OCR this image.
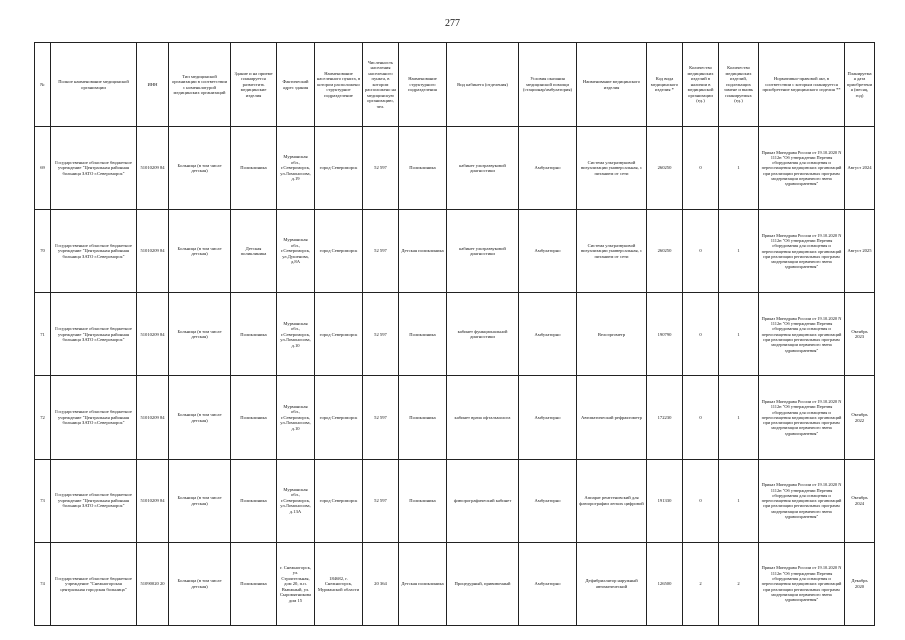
277
№	Полное наименование медицинской организации	ИНН	Тип медицинской организации в соответствии с номенклатурой медицинских организаций	Здание и на приеме планируется разместить медицинские изделия	Фактический адрес здания	Наименование населенного пункта, в котором расположено структурное подразделение	Численность населения населенного пункта, в котором расположено на медицинскую организацию, чел.	Наименование структурного подразделения	Вид кабинета (отделения)	Условия оказания медицинской помощи (стационар/амбулатория)	Наименование медицинского изделия	Код вида медицинского изделия *	Количество медицинских изделий в наличии в медицинской организации (ед.)	Количество медицинских изделий, подлежащих замене и вновь планируемых (ед.)	Нормативно-правовой акт, в соответствии с которым планируется приобретение медицинского изделия **	Планируемая дата приобретения (месяц, год)
69	Государственное областное бюджетное учреждение "Центральная районная больница ЗАТО г.Североморск"	51010209 84	Больница (в том числе детская)	Поликлиника	Мурманская обл., г.Североморск, ул.Ломоносова, д.19	город Североморск	52 597	Поликлиника	кабинет ультразвуковой диагностики	Амбулаторно	Система ультразвуковой визуализации универсальная, с питанием от сети	260250	0	1	Приказ Минздрава России от 19.10.2020 N 1112н "Об утверждении Перечня оборудования для оснащения и переоснащения медицинских организаций при реализации региональных программ модернизации первичного звена здравоохранения"	Август 2024
70	Государственное областное бюджетное учреждение "Центральная районная больница ЗАТО г.Североморск"	51010209 84	Больница (в том числе детская)	Детская поликлиника	Мурманская обл., г.Североморск, ул.Душенова, д.8А	город Североморск	52 597	Детская поликлиника	кабинет ультразвуковой диагностики	Амбулаторно	Система ультразвуковой визуализации универсальная, с питанием от сети	260250	0	1	Приказ Минздрава России от 19.10.2020 N 1112н "Об утверждении Перечня оборудования для оснащения и переоснащения медицинских организаций при реализации региональных программ модернизации первичного звена здравоохранения"	Август 2025
71	Государственное областное бюджетное учреждение "Центральная районная больница ЗАТО г.Североморск"	51010209 84	Больница (в том числе детская)	Поликлиника	Мурманская обл., г.Североморск, ул.Ломоносова, д.10	город Североморск	52 597	Поликлиника	кабинет функциональной диагностики	Амбулаторно	Велоэргометр	190790	0	1	Приказ Минздрава России от 19.10.2020 N 1112н "Об утверждении Перечня оборудования для оснащения и переоснащения медицинских организаций при реализации региональных программ модернизации первичного звена здравоохранения"	Октябрь 2023
72	Государственное областное бюджетное учреждение "Центральная районная больница ЗАТО г.Североморск"	51010209 84	Больница (в том числе детская)	Поликлиника	Мурманская обл., г.Североморск, ул.Ломоносова, д.10	город Североморск	52 597	Поликлиника	кабинет врача офтальмолога	Амбулаторно	Автоматический рефрактометр	172230	0	1	Приказ Минздрава России от 19.10.2020 N 1112н "Об утверждении Перечня оборудования для оснащения и переоснащения медицинских организаций при реализации региональных программ модернизации первичного звена здравоохранения"	Октябрь 2022
73	Государственное областное бюджетное учреждение "Центральная районная больница ЗАТО г.Североморск"	51010209 84	Больница (в том числе детская)	Поликлиника	Мурманская обл., г.Североморск, ул.Ломоносова, д.13А	город Североморск	52 597	Поликлиника	флюорографический кабинет	Амбулаторно	Аппарат рентгеновский для флюорографии легких цифровой	191330	0	1	Приказ Минздрава России от 19.10.2020 N 1112н "Об утверждении Перечня оборудования для оснащения и переоснащения медицинских организаций при реализации региональных программ модернизации первичного звена здравоохранения"	Октябрь 2024
74	Государственное областное бюджетное учреждение "Снежногорская центральная городская больница"	51090020 20	Больница (в том числе детская)	Поликлиника	г. Снежногорск, ул. Строительная, дом 20, п.п. Вьюжный, ул. Сыромятникова дом 15	184682, г. Снежногорск, Мурманской области	20 364	Детская поликлиника	Процедурный, прививочный	Амбулаторно	Дефибриллятор наружный автоматический	126500	2	2	Приказ Минздрава России от 19.10.2020 N 1112н "Об утверждении Перечня оборудования для оснащения и переоснащения медицинских организаций при реализации региональных программ модернизации первичного звена здравоохранения"	Декабрь 2020
